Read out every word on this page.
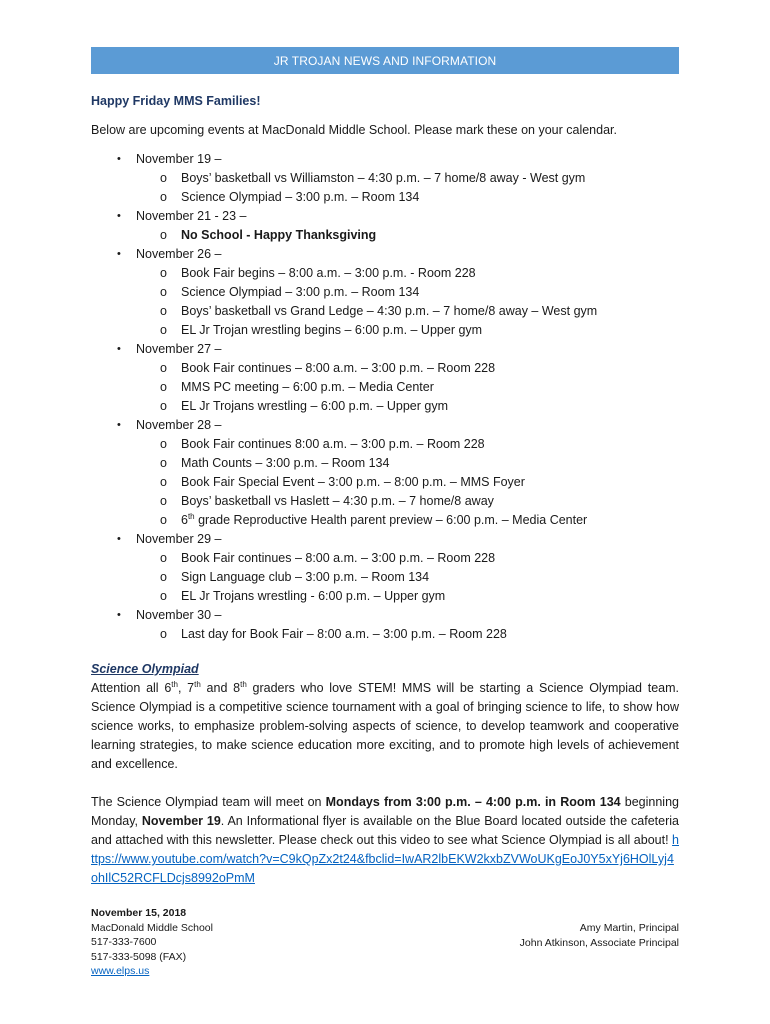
JR TROJAN NEWS AND INFORMATION
Happy Friday MMS Families!
Below are upcoming events at MacDonald Middle School. Please mark these on your calendar.
• November 19 –
o Boys’ basketball vs Williamston – 4:30 p.m. – 7 home/8 away - West gym
o Science Olympiad – 3:00 p.m. – Room 134
• November 21 - 23 –
o No School - Happy Thanksgiving
• November 26 –
o Book Fair begins – 8:00 a.m. – 3:00 p.m. - Room 228
o Science Olympiad – 3:00 p.m. – Room 134
o Boys’ basketball vs Grand Ledge – 4:30 p.m. – 7 home/8 away – West gym
o EL Jr Trojan wrestling begins – 6:00 p.m. – Upper gym
• November 27 –
o Book Fair continues – 8:00 a.m. – 3:00 p.m. – Room 228
o MMS PC meeting – 6:00 p.m. – Media Center
o EL Jr Trojans wrestling – 6:00 p.m. – Upper gym
• November 28 –
o Book Fair continues 8:00 a.m. – 3:00 p.m. – Room 228
o Math Counts – 3:00 p.m. – Room 134
o Book Fair Special Event – 3:00 p.m. – 8:00 p.m. – MMS Foyer
o Boys’ basketball vs Haslett – 4:30 p.m. – 7 home/8 away
o 6th grade Reproductive Health parent preview – 6:00 p.m. – Media Center
• November 29 –
o Book Fair continues – 8:00 a.m. – 3:00 p.m. – Room 228
o Sign Language club – 3:00 p.m. – Room 134
o EL Jr Trojans wrestling - 6:00 p.m. – Upper gym
• November 30 –
o Last day for Book Fair – 8:00 a.m. – 3:00 p.m. – Room 228
Science Olympiad
Attention all 6th, 7th and 8th graders who love STEM! MMS will be starting a Science Olympiad team. Science Olympiad is a competitive science tournament with a goal of bringing science to life, to show how science works, to emphasize problem-solving aspects of science, to develop teamwork and cooperative learning strategies, to make science education more exciting, and to promote high levels of achievement and excellence.
The Science Olympiad team will meet on Mondays from 3:00 p.m. – 4:00 p.m. in Room 134 beginning Monday, November 19. An Informational flyer is available on the Blue Board located outside the cafeteria and attached with this newsletter. Please check out this video to see what Science Olympiad is all about! https://www.youtube.com/watch?v=C9kQpZx2t24&fbclid=IwAR2lbEKW2kxbZVWoUKgEoJ0Y5xYj6HOlLyj4ohIlC52RCFLDcjs8992oPmM
November 15, 2018
MacDonald Middle School
517-333-7600
517-333-5098 (FAX)
www.elps.us
Amy Martin, Principal
John Atkinson, Associate Principal
